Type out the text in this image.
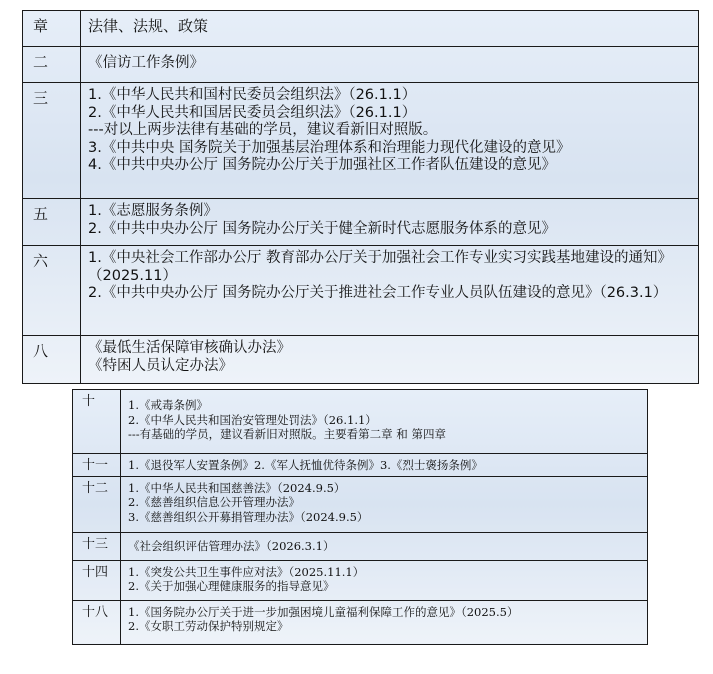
章	法律、法规、政策

二	《信访工作条例》

三	1.《中华人民共和国村民委员会组织法》（26.1.1）
2.《中华人民共和国居民委员会组织法》（26.1.1）
---对以上两步法律有基础的学员，建议看新旧对照版。
3.《中共中央 国务院关于加强基层治理体系和治理能力现代化建设的意见》
4.《中共中央办公厅 国务院办公厅关于加强社区工作者队伍建设的意见》

五	1.《志愿服务条例》
2.《中共中央办公厅 国务院办公厅关于健全新时代志愿服务体系的意见》

六	1.《中央社会工作部办公厅 教育部办公厅关于加强社会工作专业实习实践基地建设的通知》（2025.11）
2.《中共中央办公厅 国务院办公厅关于推进社会工作专业人员队伍建设的意见》（26.3.1）

八	《最低生活保障审核确认办法》
《特困人员认定办法》
十	1.《戒毒条例》
2.《中华人民共和国治安管理处罚法》（26.1.1）
---有基础的学员，建议看新旧对照版。主要看第二章 和 第四章

十一	1.《退役军人安置条例》2.《军人抚恤优待条例》3.《烈士褒扬条例》

十二	1.《中华人民共和国慈善法》（2024.9.5）
2.《慈善组织信息公开管理办法》
3.《慈善组织公开募捐管理办法》（2024.9.5）

十三	《社会组织评估管理办法》（2026.3.1）

十四	1.《突发公共卫生事件应对法》（2025.11.1）
2.《关于加强心理健康服务的指导意见》

十八	1.《国务院办公厅关于进一步加强困境儿童福利保障工作的意见》（2025.5）
2.《女职工劳动保护特别规定》
